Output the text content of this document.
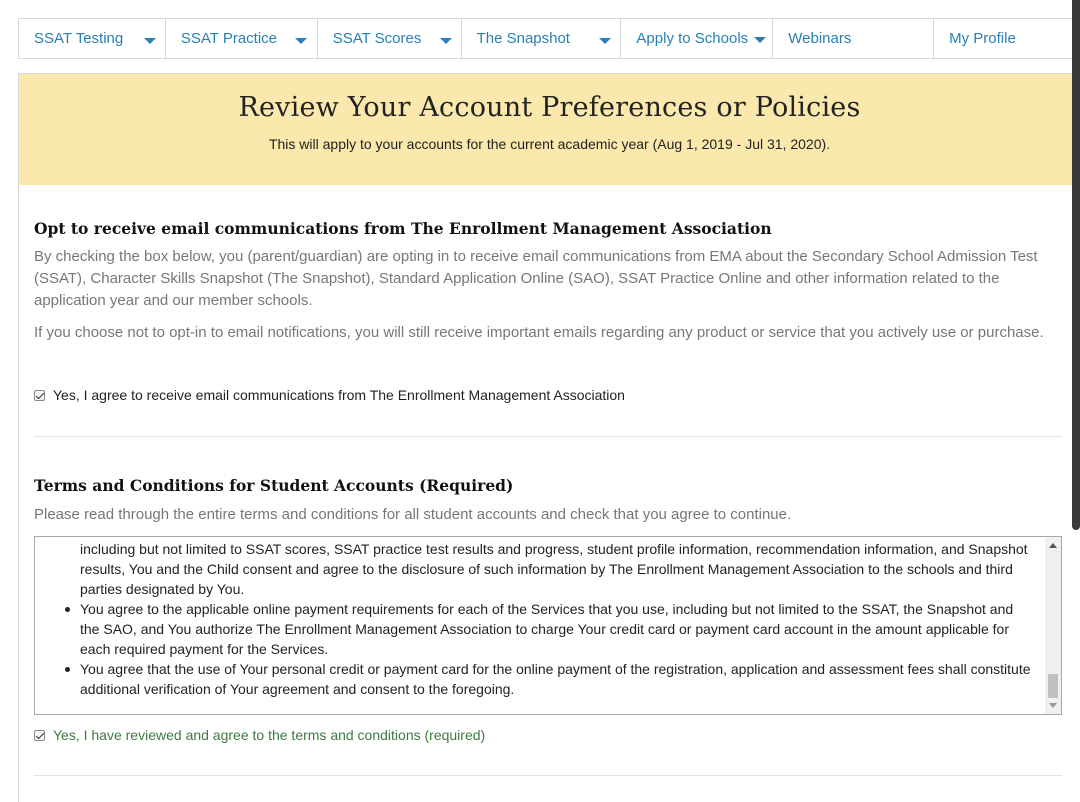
SSAT Testing	SSAT Practice	SSAT Scores	The Snapshot	Apply to Schools	Webinars	My Profile
Review Your Account Preferences or Policies

This will apply to your accounts for the current academic year (Aug 1, 2019 - Jul 31, 2020).

Opt to receive email communications from The Enrollment Management Association
By checking the box below, you (parent/guardian) are opting in to receive email communications from EMA about the Secondary School Admission Test (SSAT), Character Skills Snapshot (The Snapshot), Standard Application Online (SAO), SSAT Practice Online and other information related to the application year and our member schools.
If you choose not to opt-in to email notifications, you will still receive important emails regarding any product or service that you actively use or purchase.
Yes, I agree to receive email communications from The Enrollment Management Association
Terms and Conditions for Student Accounts (Required)
Please read through the entire terms and conditions for all student accounts and check that you agree to continue.
including but not limited to SSAT scores, SSAT practice test results and progress, student profile information, recommendation information, and Snapshot results, You and the Child consent and agree to the disclosure of such information by The Enrollment Management Association to the schools and third parties designated by You.
You agree to the applicable online payment requirements for each of the Services that you use, including but not limited to the SSAT, the Snapshot and the SAO, and You authorize The Enrollment Management Association to charge Your credit card or payment card account in the amount applicable for each required payment for the Services.
You agree that the use of Your personal credit or payment card for the online payment of the registration, application and assessment fees shall constitute additional verification of Your agreement and consent to the foregoing.
Yes, I have reviewed and agree to the terms and conditions (required)
